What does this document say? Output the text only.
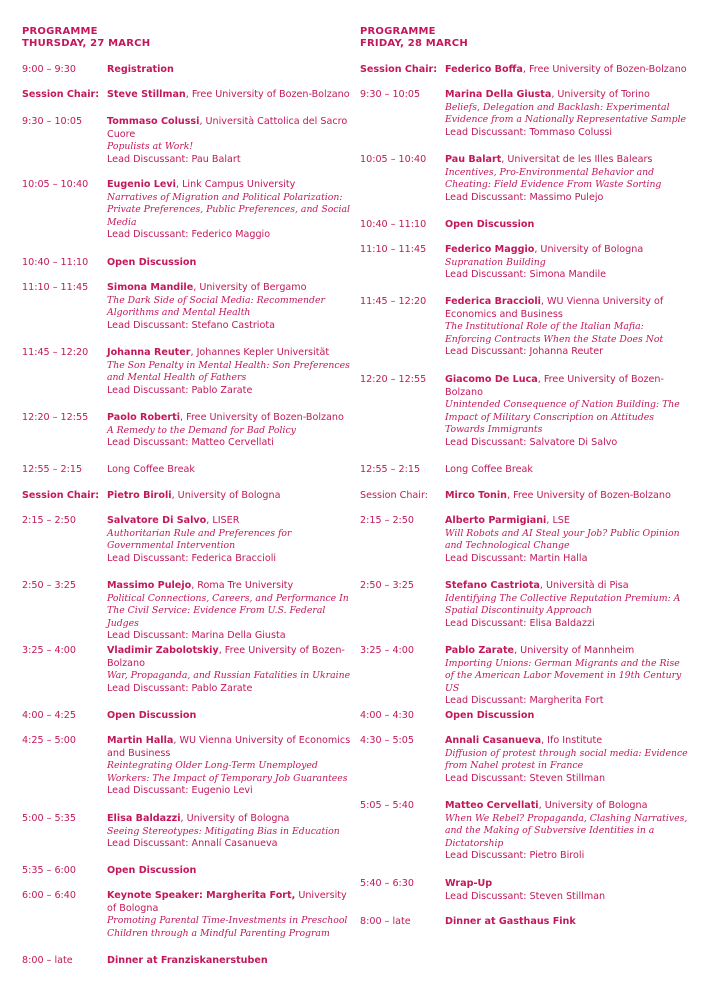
PROGRAMME
THURSDAY, 27 MARCH
9:00 – 9:30	Registration
Session Chair: Steve Stillman, Free University of Bozen-Bolzano
9:30 – 10:05	Tommaso Colussi, Università Cattolica del Sacro Cuore
Populists at Work!
Lead Discussant: Pau Balart
10:05 – 10:40	Eugenio Levi, Link Campus University
Narratives of Migration and Political Polarization: Private Preferences, Public Preferences, and Social Media
Lead Discussant: Federico Maggio
10:40 – 11:10	Open Discussion
11:10 – 11:45	Simona Mandile, University of Bergamo
The Dark Side of Social Media: Recommender Algorithms and Mental Health
Lead Discussant: Stefano Castriota
11:45 – 12:20	Johanna Reuter, Johannes Kepler Universität
The Son Penalty in Mental Health: Son Preferences and Mental Health of Fathers
Lead Discussant: Pablo Zarate
12:20 – 12:55	Paolo Roberti, Free University of Bozen-Bolzano
A Remedy to the Demand for Bad Policy
Lead Discussant: Matteo Cervellati
12:55 – 2:15	Long Coffee Break
Session Chair: Pietro Biroli, University of Bologna
2:15 – 2:50	Salvatore Di Salvo, LISER
Authoritarian Rule and Preferences for Governmental Intervention
Lead Discussant: Federica Braccioli
2:50 – 3:25	Massimo Pulejo, Roma Tre University
Political Connections, Careers, and Performance In The Civil Service: Evidence From U.S. Federal Judges
Lead Discussant: Marina Della Giusta
3:25 – 4:00	Vladimir Zabolotskiy, Free University of Bozen-Bolzano
War, Propaganda, and Russian Fatalities in Ukraine
Lead Discussant: Pablo Zarate
4:00 – 4:25	Open Discussion
4:25 – 5:00	Martin Halla, WU Vienna University of Economics and Business
Reintegrating Older Long-Term Unemployed Workers: The Impact of Temporary Job Guarantees
Lead Discussant: Eugenio Levi
5:00 – 5:35	Elisa Baldazzi, University of Bologna
Seeing Stereotypes: Mitigating Bias in Education
Lead Discussant: Annalí Casanueva
5:35 – 6:00	Open Discussion
6:00 – 6:40	Keynote Speaker: Margherita Fort, University of Bologna
Promoting Parental Time-Investments in Preschool Children through a Mindful Parenting Program
8:00 – late	Dinner at Franziskanerstuben
PROGRAMME
FRIDAY, 28 MARCH
Session Chair: Federico Boffa, Free University of Bozen-Bolzano
9:30 – 10:05	Marina Della Giusta, University of Torino
Beliefs, Delegation and Backlash: Experimental Evidence from a Nationally Representative Sample
Lead Discussant: Tommaso Colussi
10:05 – 10:40	Pau Balart, Universitat de les Illes Balears
Incentives, Pro-Environmental Behavior and Cheating: Field Evidence From Waste Sorting
Lead Discussant: Massimo Pulejo
10:40 – 11:10	Open Discussion
11:10 – 11:45	Federico Maggio, University of Bologna
Supranation Building
Lead Discussant: Simona Mandile
11:45 – 12:20	Federica Braccioli, WU Vienna University of Economics and Business
The Institutional Role of the Italian Mafia: Enforcing Contracts When the State Does Not
Lead Discussant: Johanna Reuter
12:20 – 12:55	Giacomo De Luca, Free University of Bozen-Bolzano
Unintended Consequence of Nation Building: The Impact of Military Conscription on Attitudes Towards Immigrants
Lead Discussant: Salvatore Di Salvo
12:55 – 2:15	Long Coffee Break
Session Chair:	Mirco Tonin, Free University of Bozen-Bolzano
2:15 – 2:50	Alberto Parmigiani, LSE
Will Robots and AI Steal your Job? Public Opinion and Technological Change
Lead Discussant: Martin Halla
2:50 – 3:25	Stefano Castriota, Università di Pisa
Identifying The Collective Reputation Premium: A Spatial Discontinuity Approach
Lead Discussant: Elisa Baldazzi
3:25 – 4:00	Pablo Zarate, University of Mannheim
Importing Unions: German Migrants and the Rise of the American Labor Movement in 19th Century US
Lead Discussant: Margherita Fort
4:00 – 4:30	Open Discussion
4:30 – 5:05	Annali Casanueva, Ifo Institute
Diffusion of protest through social media: Evidence from Nahel protest in France
Lead Discussant: Steven Stillman
5:05 – 5:40	Matteo Cervellati, University of Bologna
When We Rebel? Propaganda, Clashing Narratives, and the Making of Subversive Identities in a Dictatorship
Lead Discussant: Pietro Biroli
5:40 – 6:30	Wrap-Up
Lead Discussant: Steven Stillman
8:00 – late	Dinner at Gasthaus Fink
